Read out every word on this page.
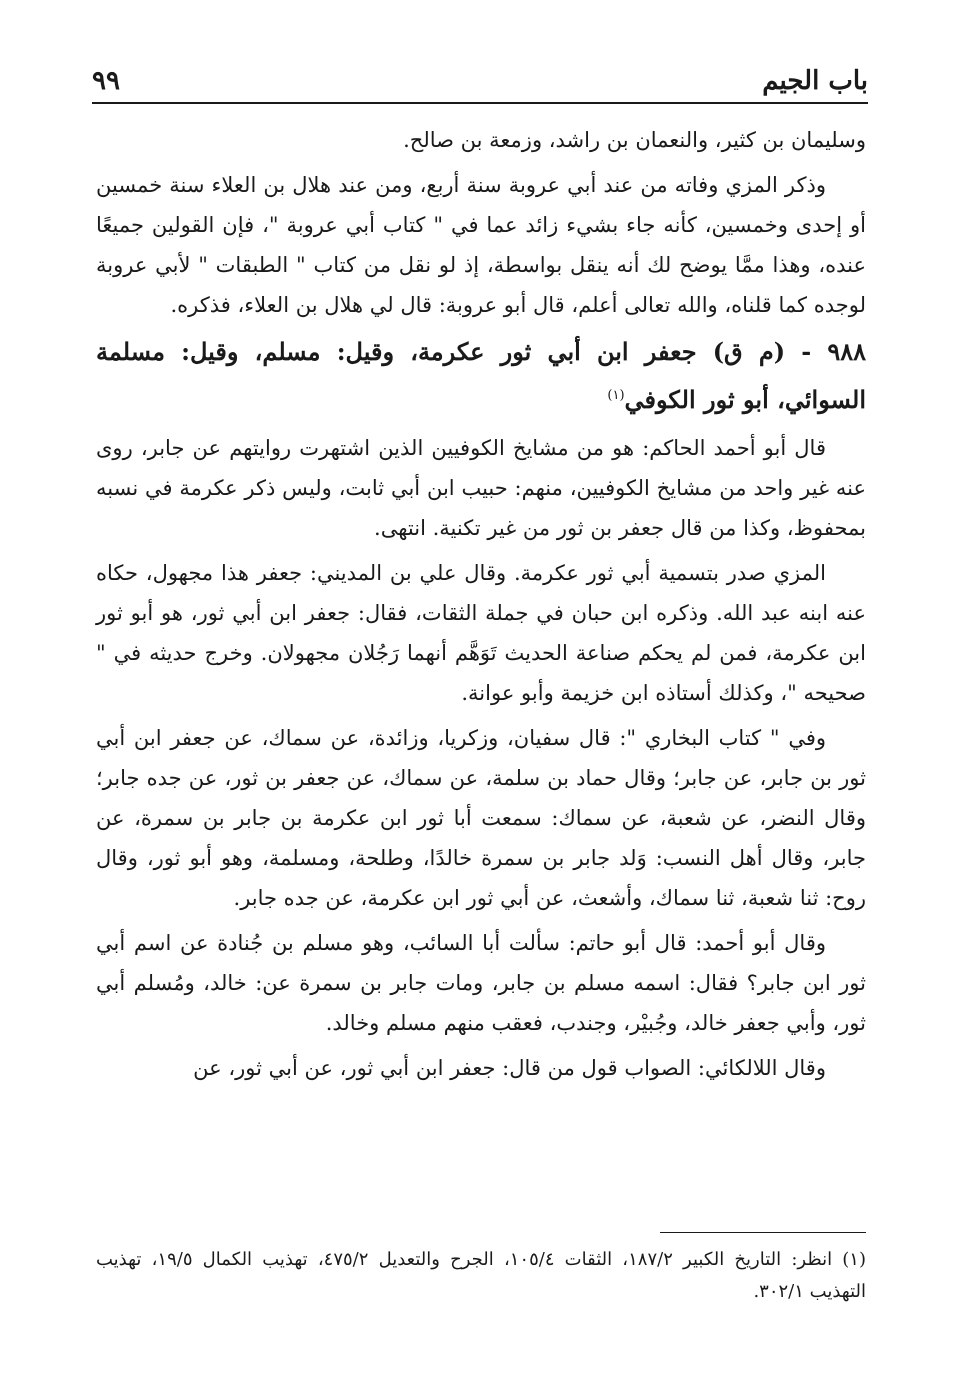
باب الجيم
٩٩

وسليمان بن كثير، والنعمان بن راشد، وزمعة بن صالح.

وذكر المزي وفاته من عند أبي عروبة سنة أربع، ومن عند هلال بن العلاء سنة خمسين أو إحدى وخمسين، كأنه جاء بشيء زائد عما في " كتاب أبي عروبة "، فإن القولين جميعًا عنده، وهذا ممَّا يوضح لك أنه ينقل بواسطة، إذ لو نقل من كتاب " الطبقات " لأبي عروبة لوجده كما قلناه، والله تعالى أعلم، قال أبو عروبة: قال لي هلال بن العلاء، فذكره.

٩٨٨ - (م ق) جعفر ابن أبي ثور عكرمة، وقيل: مسلم، وقيل: مسلمة السوائي، أبو ثور الكوفي$^{(١)}$

قال أبو أحمد الحاكم: هو من مشايخ الكوفيين الذين اشتهرت روايتهم عن جابر، روى عنه غير واحد من مشايخ الكوفيين، منهم: حبيب ابن أبي ثابت، وليس ذكر عكرمة في نسبه بمحفوظ، وكذا من قال جعفر بن ثور من غير تكنية. انتهى.

المزي صدر بتسمية أبي ثور عكرمة. وقال علي بن المديني: جعفر هذا مجهول، حكاه عنه ابنه عبد الله. وذكره ابن حبان في جملة الثقات، فقال: جعفر ابن أبي ثور، هو أبو ثور ابن عكرمة، فمن لم يحكم صناعة الحديث تَوَهَّم أنهما رَجُلان مجهولان. وخرج حديثه في " صحيحه "، وكذلك أستاذه ابن خزيمة وأبو عوانة.

وفي " كتاب البخاري ": قال سفيان، وزكريا، وزائدة، عن سماك، عن جعفر ابن أبي ثور بن جابر، عن جابر؛ وقال حماد بن سلمة، عن سماك، عن جعفر بن ثور، عن جده جابر؛ وقال النضر، عن شعبة، عن سماك: سمعت أبا ثور ابن عكرمة بن جابر بن سمرة، عن جابر، وقال أهل النسب: وَلد جابر بن سمرة خالدًا، وطلحة، ومسلمة، وهو أبو ثور، وقال روح: ثنا شعبة، ثنا سماك، وأشعث، عن أبي ثور ابن عكرمة، عن جده جابر.

وقال أبو أحمد: قال أبو حاتم: سألت أبا السائب، وهو مسلم بن جُنادة عن اسم أبي ثور ابن جابر؟ فقال: اسمه مسلم بن جابر، ومات جابر بن سمرة عن: خالد، ومُسلم أبي ثور، وأبي جعفر خالد، وجُبيْر، وجندب، فعقب منهم مسلم وخالد.

وقال اللالكائي: الصواب قول من قال: جعفر ابن أبي ثور، عن أبي ثور، عن

(١) انظر: التاريخ الكبير ١٨٧/٢، الثقات ١٠٥/٤، الجرح والتعديل ٤٧٥/٢، تهذيب الكمال ١٩/٥، تهذيب التهذيب ٣٠٢/١.
